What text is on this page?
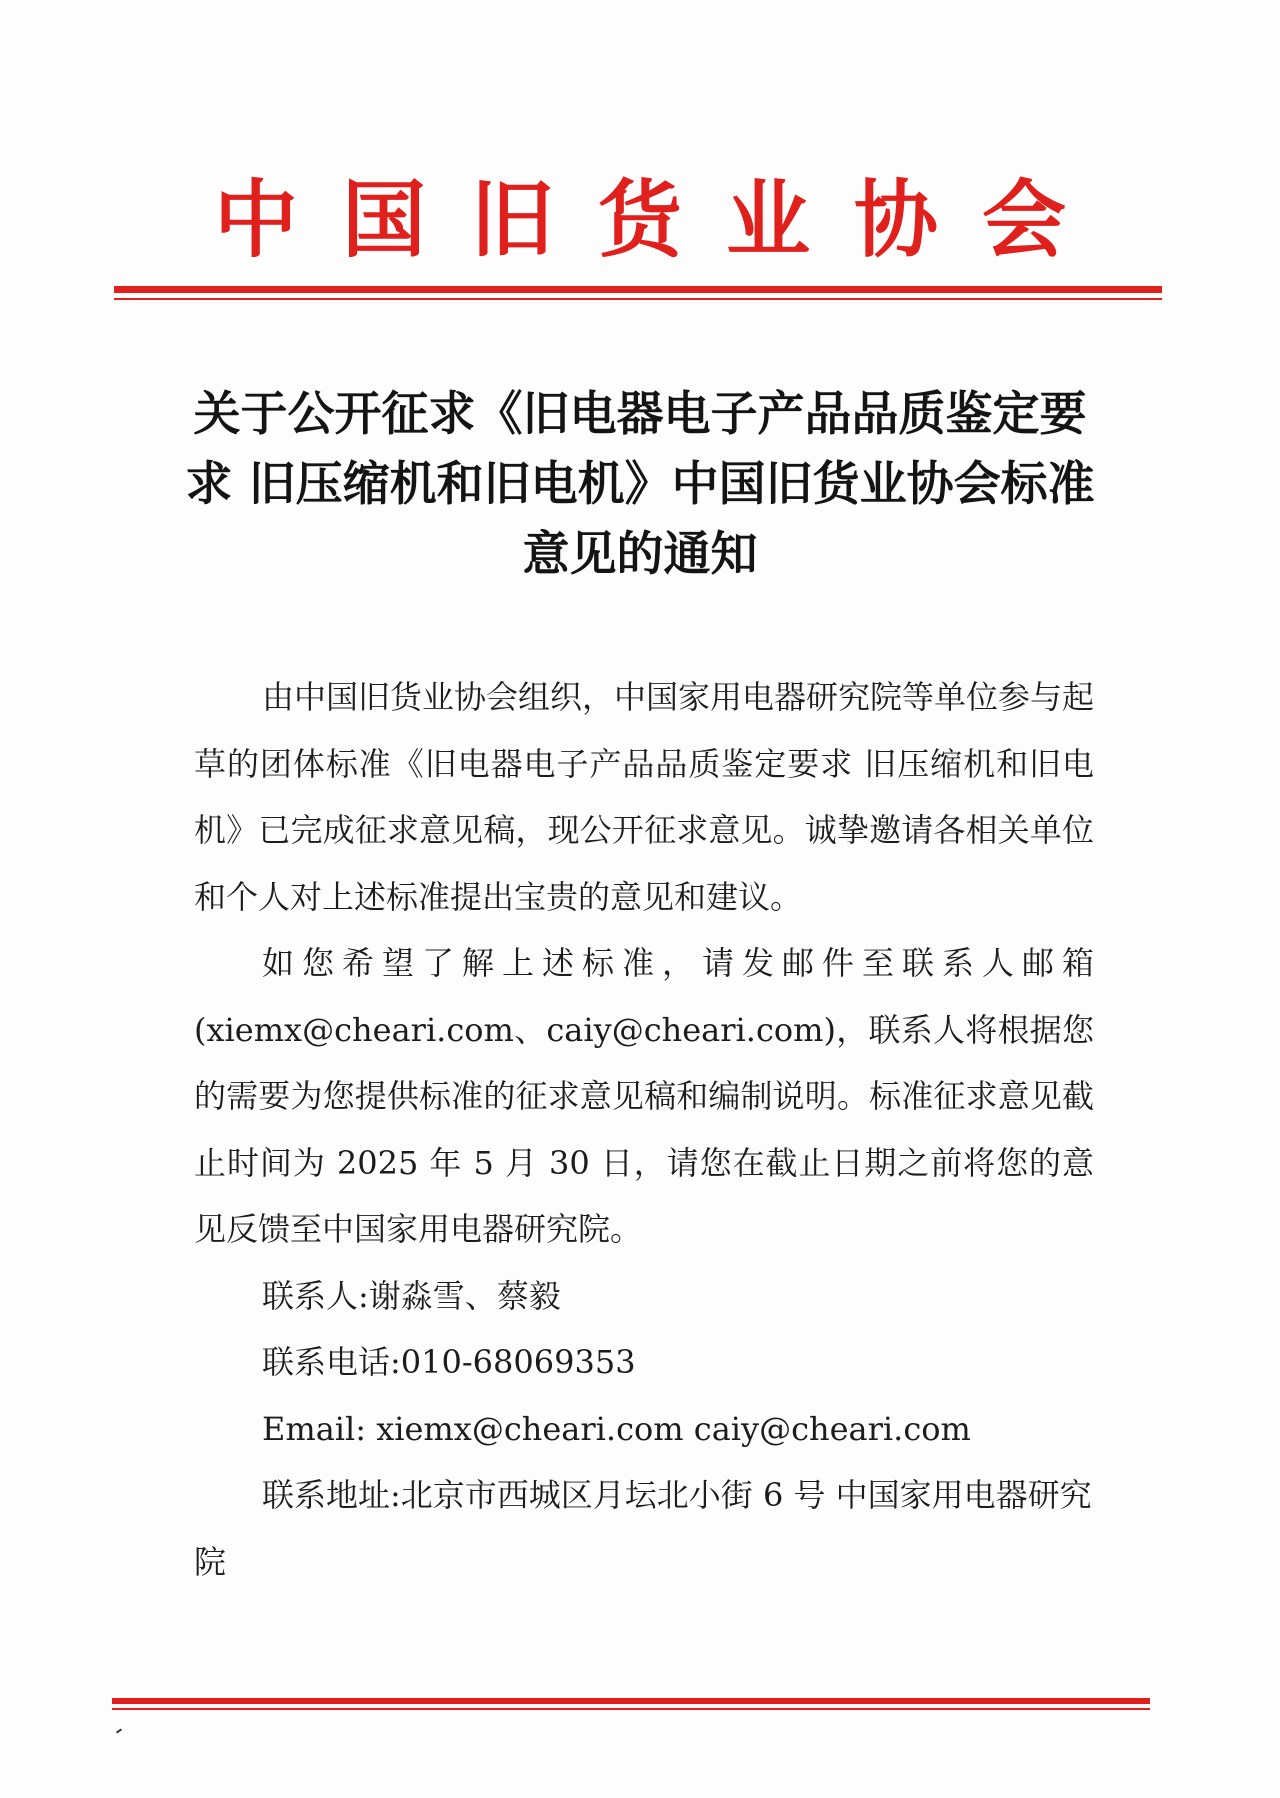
中国旧货业协会
关于公开征求《旧电器电子产品品质鉴定要求 旧压缩机和旧电机》中国旧货业协会标准意见的通知

由中国旧货业协会组织，中国家用电器研究院等单位参与起草的团体标准《旧电器电子产品品质鉴定要求 旧压缩机和旧电机》已完成征求意见稿，现公开征求意见。诚挚邀请各相关单位和个人对上述标准提出宝贵的意见和建议。

如您希望了解上述标准，请发邮件至联系人邮箱(xiemx@cheari.com、caiy@cheari.com)，联系人将根据您的需要为您提供标准的征求意见稿和编制说明。标准征求意见截止时间为 2025 年 5 月 30 日，请您在截止日期之前将您的意见反馈至中国家用电器研究院。

联系人:谢淼雪、蔡毅

联系电话:010-68069353

Email: xiemx@cheari.com caiy@cheari.com

联系地址:北京市西城区月坛北小街 6 号 中国家用电器研究院
